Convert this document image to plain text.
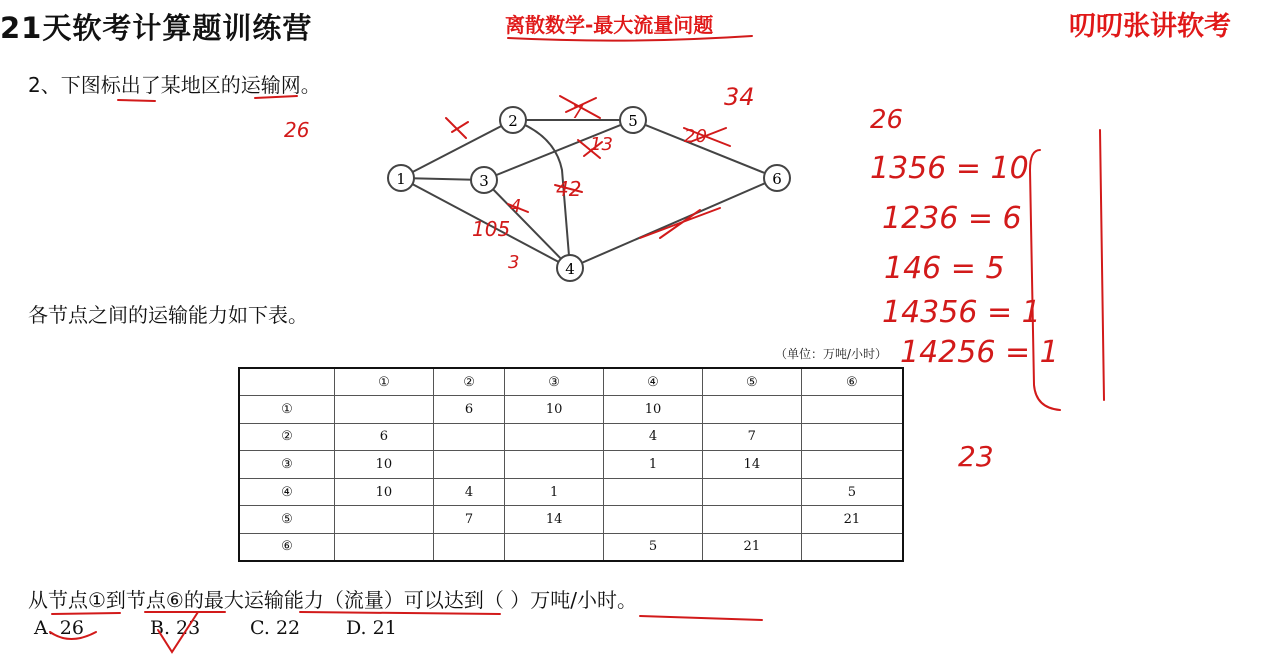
21天软考计算题训练营	离散数学-最大流量问题	叨叨张讲软考
2、下图标出了某地区的运输网。
1
2
3
5
4
6
各节点之间的运输能力如下表。
（单位：万吨/小时）
	①	②	③	④	⑤	⑥
①		6	10	10		
②	6			4	7	
③	10			1	14	
④	10	4	1			5
⑤		7	14			21
⑥				5	21	
从节点①到节点⑥的最大运输能力（流量）可以达到（ ）万吨/小时。
A. 26	B. 23	C. 22 D. 21
26
34
7
13
42
105
3
4
20
26
1356 = 10
1236 = 6
146 = 5
14356 = 1
14256 = 1
23
